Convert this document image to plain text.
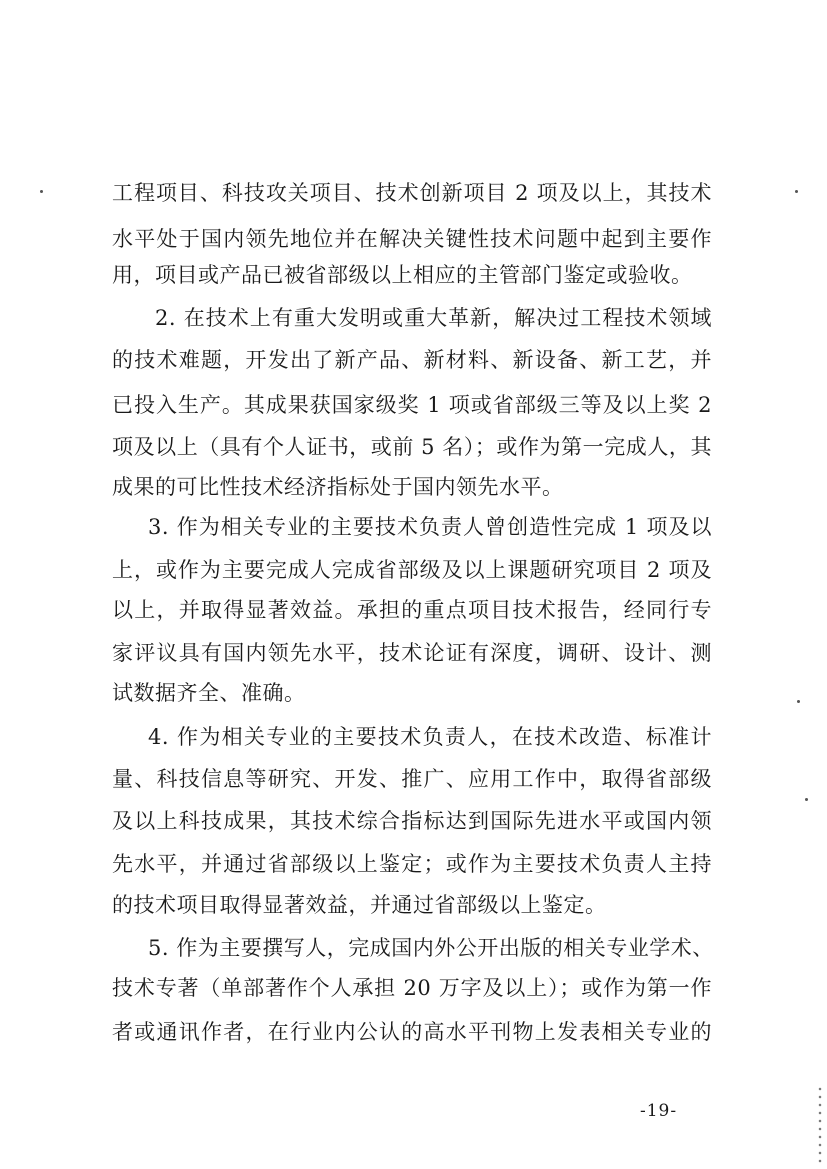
工程项目、科技攻关项目、技术创新项目 2 项及以上，其技术
水平处于国内领先地位并在解决关键性技术问题中起到主要作
用，项目或产品已被省部级以上相应的主管部门鉴定或验收。
2. 在技术上有重大发明或重大革新，解决过工程技术领域
的技术难题，开发出了新产品、新材料、新设备、新工艺，并
已投入生产。其成果获国家级奖 1 项或省部级三等及以上奖 2
项及以上（具有个人证书，或前 5 名）；或作为第一完成人，其
成果的可比性技术经济指标处于国内领先水平。
3. 作为相关专业的主要技术负责人曾创造性完成 1 项及以
上，或作为主要完成人完成省部级及以上课题研究项目 2 项及
以上，并取得显著效益。承担的重点项目技术报告，经同行专
家评议具有国内领先水平，技术论证有深度，调研、设计、测
试数据齐全、准确。
4. 作为相关专业的主要技术负责人，在技术改造、标准计
量、科技信息等研究、开发、推广、应用工作中，取得省部级
及以上科技成果，其技术综合指标达到国际先进水平或国内领
先水平，并通过省部级以上鉴定；或作为主要技术负责人主持
的技术项目取得显著效益，并通过省部级以上鉴定。
5. 作为主要撰写人，完成国内外公开出版的相关专业学术、
技术专著（单部著作个人承担 20 万字及以上）；或作为第一作
者或通讯作者，在行业内公认的高水平刊物上发表相关专业的
-19-
